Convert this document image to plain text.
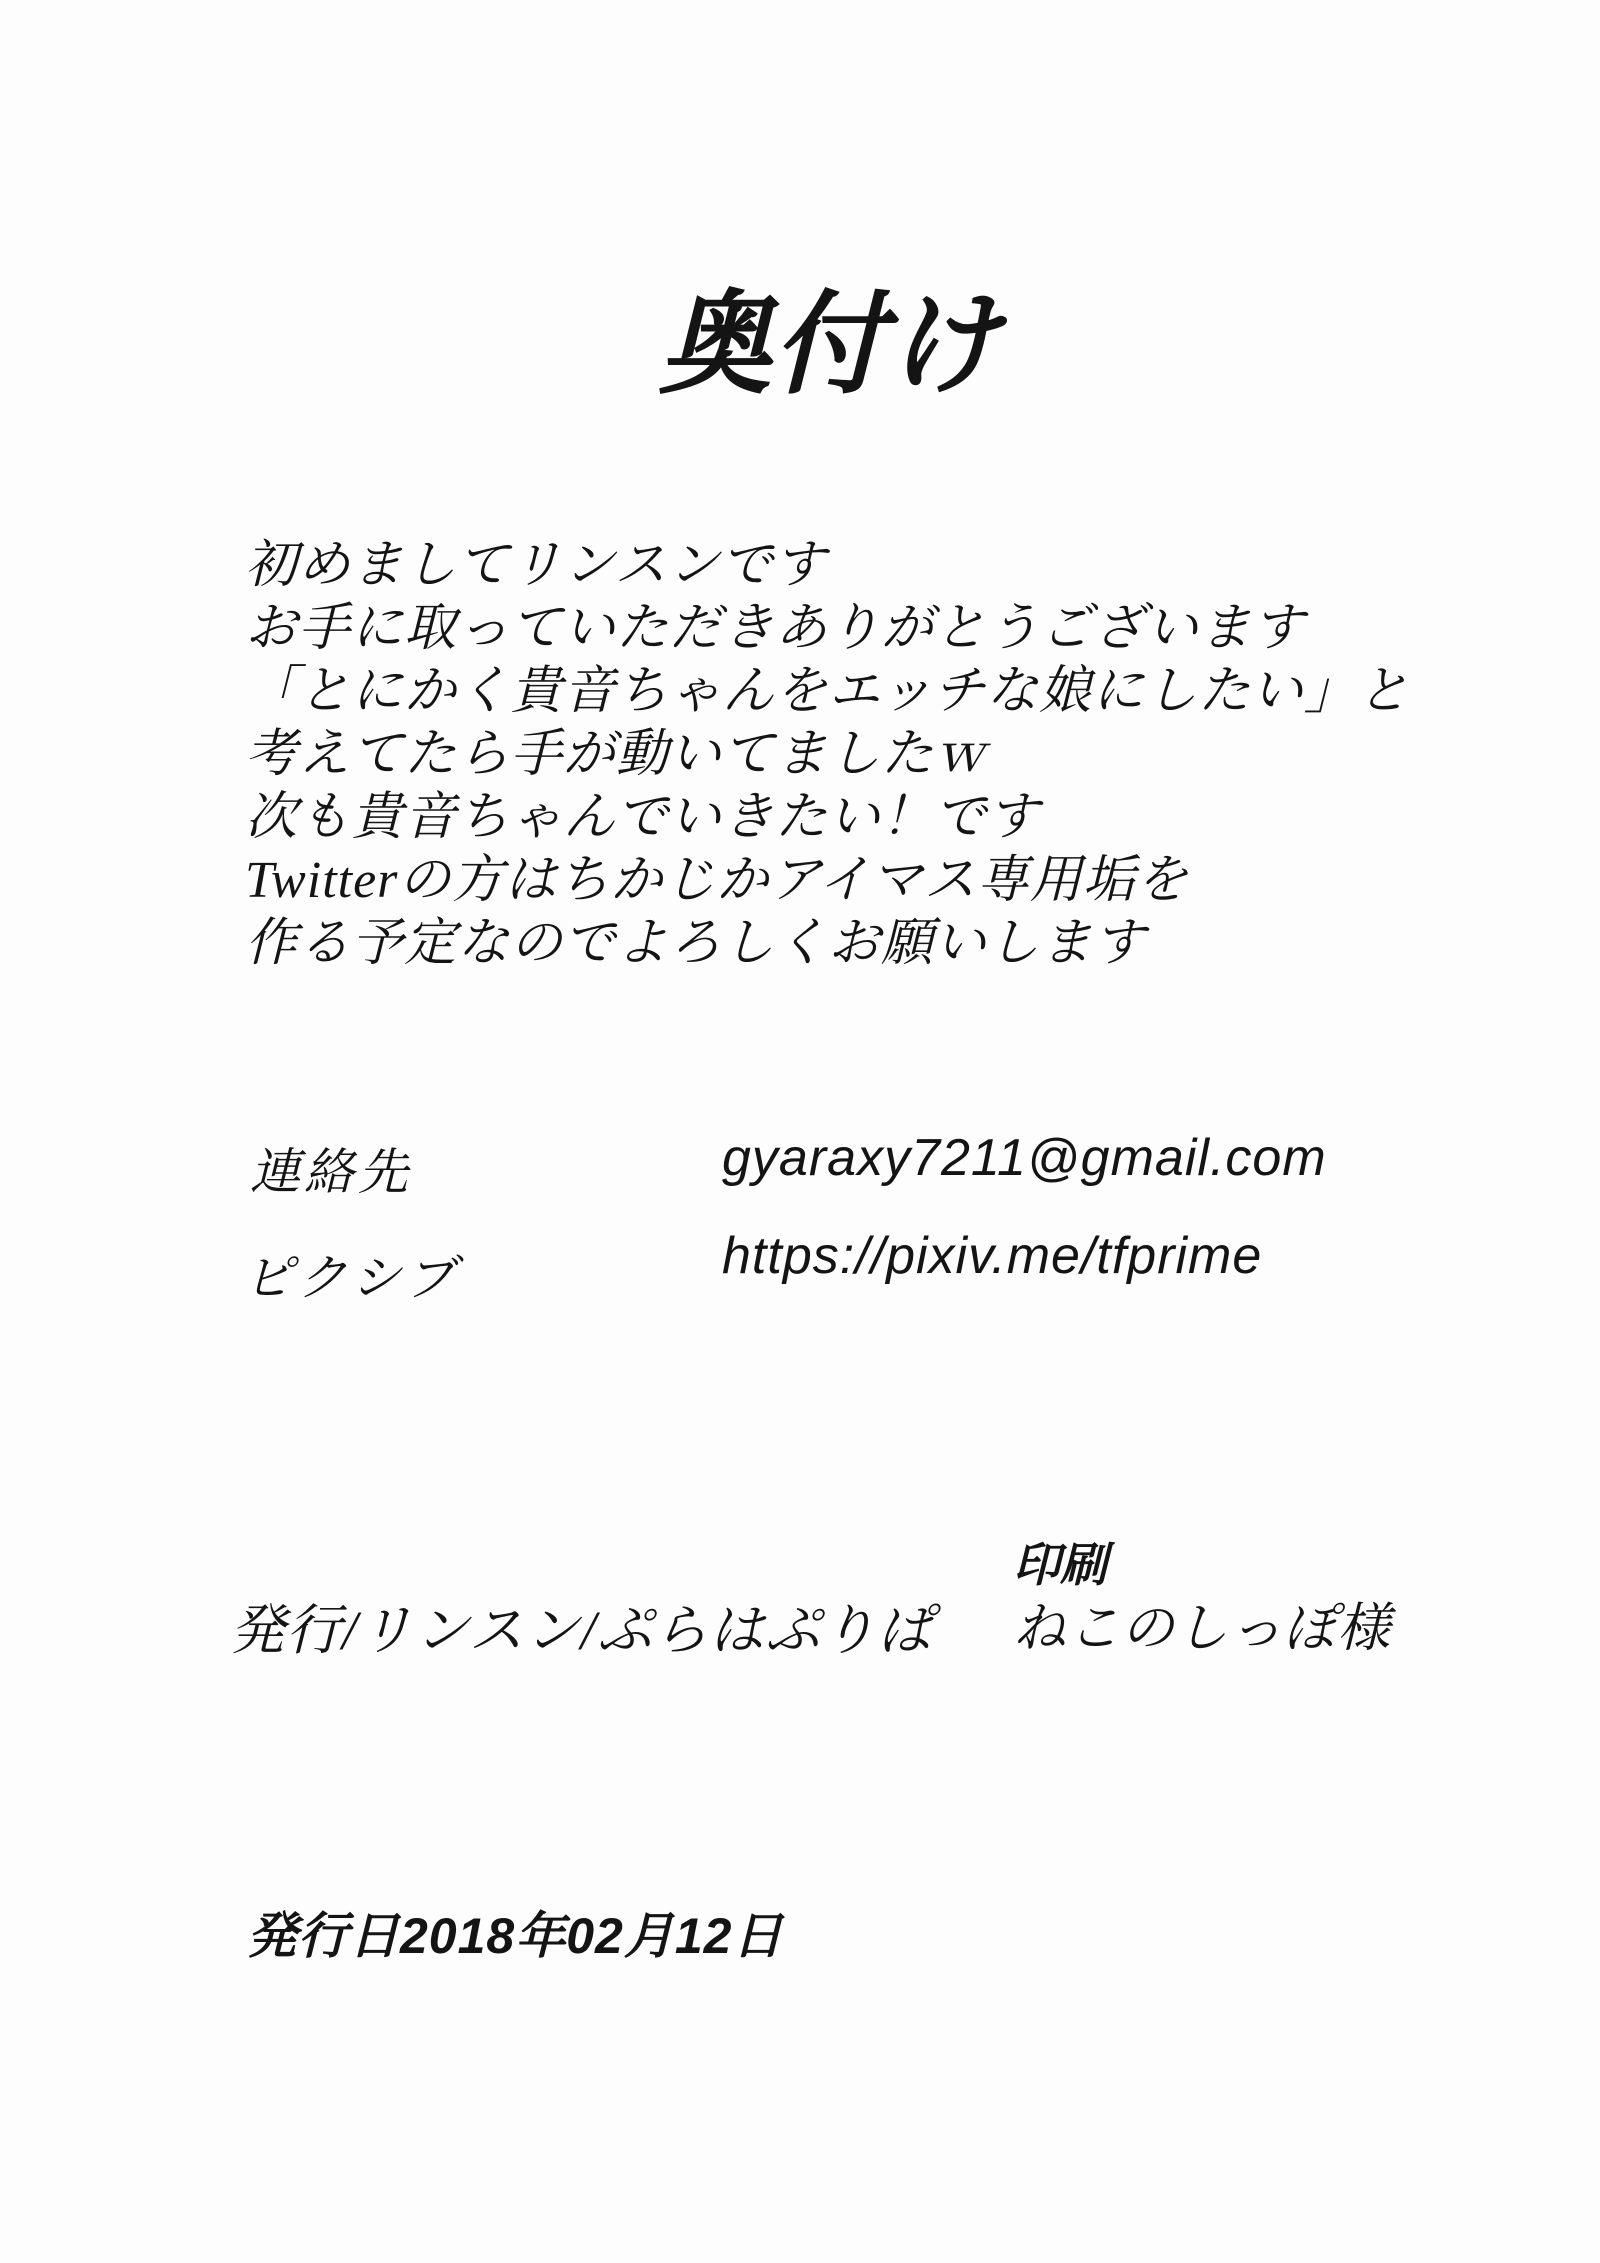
奥付け
初めましてリンスンです
お手に取っていただきありがとうございます
「とにかく貴音ちゃんをエッチな娘にしたい」と
考えてたら手が動いてましたｗ
次も貴音ちゃんでいきたい！です
Twitterの方はちかじかアイマス専用垢を
作る予定なのでよろしくお願いします
連絡先	gyaraxy7211@gmail.com
ピクシブ	https://pixiv.me/tfprime
発行/リンスン/ぷらはぷりぱ
印刷
ねこのしっぽ様
発行日2018年02月12日
